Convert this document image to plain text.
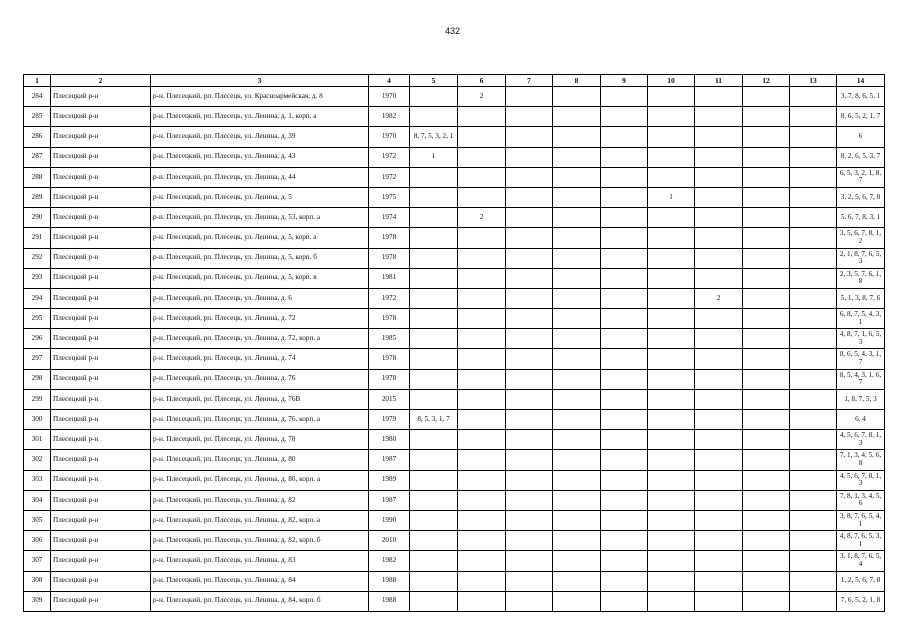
432
1	2	3	4	5	6	7	8	9	10	11	12	13	14
284	Плесецкий р-н	р-н. Плесецкий, рп. Плесецк, ул. Красноармейская, д. 8	1970		2								3, 7, 8, 6, 5, 1
285	Плесецкий р-н	р-н. Плесецкий, рп. Плесецк, ул. Ленина, д. 1, корп. а	1982										8, 6, 5, 2, 1, 7
286	Плесецкий р-н	р-н. Плесецкий, рп. Плесецк, ул. Ленина, д. 39	1970	8, 7, 5, 3, 2, 1									6
287	Плесецкий р-н	р-н. Плесецкий, рп. Плесецк, ул. Ленина, д. 43	1972	1									8, 2, 6, 5, 3, 7
288	Плесецкий р-н	р-н. Плесецкий, рп. Плесецк, ул. Ленина, д. 44	1972										6, 5, 3, 2, 1, 8, 7
289	Плесецкий р-н	р-н. Плесецкий, рп. Плесецк, ул. Ленина, д. 5	1975						1				3, 2, 5, 6, 7, 8
290	Плесецкий р-н	р-н. Плесецкий, рп. Плесецк, ул. Ленина, д. 53, корп. а	1974		2								5, 6, 7, 8, 3, 1
291	Плесецкий р-н	р-н. Плесецкий, рп. Плесецк, ул. Ленина, д. 5, корп. а	1978										3, 5, 6, 7, 8, 1, 2
292	Плесецкий р-н	р-н. Плесецкий, рп. Плесецк, ул. Ленина, д. 5, корп. б	1978										2, 1, 8, 7, 6, 5, 3
293	Плесецкий р-н	р-н. Плесецкий, рп. Плесецк, ул. Ленина, д. 5, корп. в	1981										2, 3, 5, 7, 6, 1, 8
294	Плесецкий р-н	р-н. Плесецкий, рп. Плесецк, ул. Ленина, д. 6	1972							2			5, 1, 3, 8, 7, 6
295	Плесецкий р-н	р-н. Плесецкий, рп. Плесецк, ул. Ленина, д. 72	1978										6, 8, 7, 5, 4, 3, 1
296	Плесецкий р-н	р-н. Плесецкий, рп. Плесецк, ул. Ленина, д. 72, корп. а	1985										4, 8, 7, 1, 6, 5, 3
297	Плесецкий р-н	р-н. Плесецкий, рп. Плесецк, ул. Ленина, д. 74	1978										8, 6, 5, 4, 3, 1, 7
298	Плесецкий р-н	р-н. Плесецкий, рп. Плесецк, ул. Ленина, д. 76	1978										8, 5, 4, 3, 1, 6, 7
299	Плесецкий р-н	р-н. Плесецкий, рп. Плесецк, ул. Ленина, д. 76В	2015										1, 8, 7, 5, 3
300	Плесецкий р-н	р-н. Плесецкий, рп. Плесецк, ул. Ленина, д. 76, корп. а	1979	8, 5, 3, 1, 7									6, 4
301	Плесецкий р-н	р-н. Плесецкий, рп. Плесецк, ул. Ленина, д. 78	1980										4, 5, 6, 7, 8, 1, 3
302	Плесецкий р-н	р-н. Плесецкий, рп. Плесецк, ул. Ленина, д. 80	1987										7, 1, 3, 4, 5, 6, 8
303	Плесецкий р-н	р-н. Плесецкий, рп. Плесецк, ул. Ленина, д. 80, корп. а	1989										4, 5, 6, 7, 8, 1, 3
304	Плесецкий р-н	р-н. Плесецкий, рп. Плесецк, ул. Ленина, д. 82	1987										7, 8, 1, 3, 4, 5, 6
305	Плесецкий р-н	р-н. Плесецкий, рп. Плесецк, ул. Ленина, д. 82, корп. а	1990										3, 8, 7, 6, 5, 4, 1
306	Плесецкий р-н	р-н. Плесецкий, рп. Плесецк, ул. Ленина, д. 82, корп. б	2010										4, 8, 7, 6, 5, 3, 1
307	Плесецкий р-н	р-н. Плесецкий, рп. Плесецк, ул. Ленина, д. 83	1982										3, 1, 8, 7, 6, 5, 4
308	Плесецкий р-н	р-н. Плесецкий, рп. Плесецк, ул. Ленина, д. 84	1988										1, 2, 5, 6, 7, 8
309	Плесецкий р-н	р-н. Плесецкий, рп. Плесецк, ул. Ленина, д. 84, корп. б	1988										7, 6, 5, 2, 1, 8
